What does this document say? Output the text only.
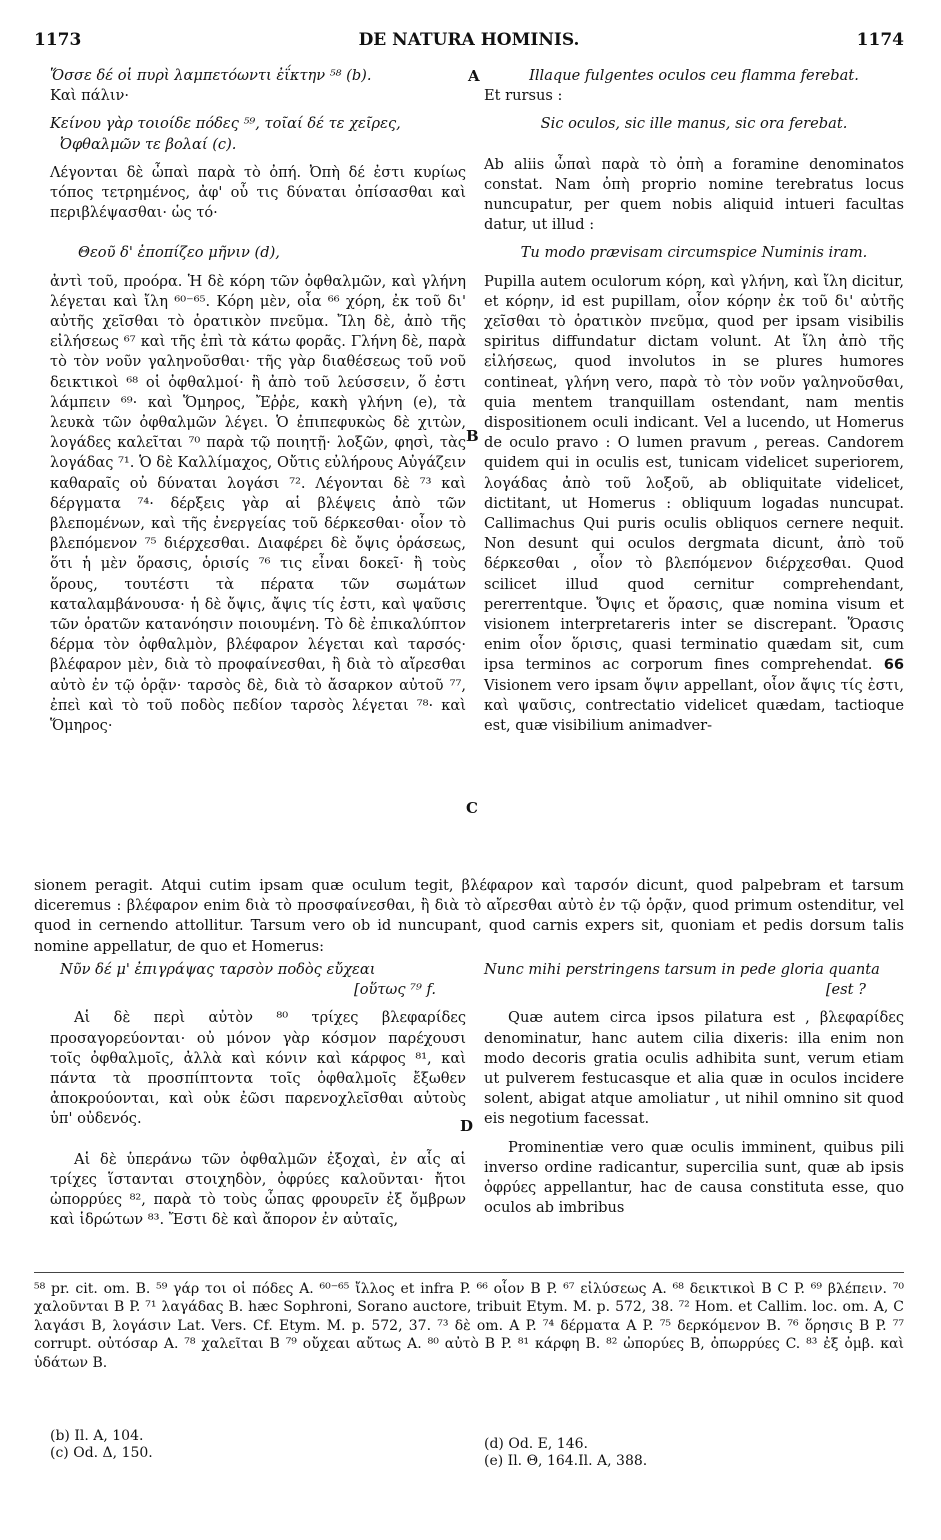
1173	DE NATURA HOMINIS.	1174
A
B
C
D

Ὅσσε δέ οἱ πυρὶ λαμπετόωντι ἐΐκτην ⁵⁸ (b).

Καὶ πάλιν·

Κείνου γὰρ τοιοίδε πόδες ⁵⁹, τοῖαί δέ τε χεῖρες,

Ὀφθαλμῶν τε βολαί (c).

Λέγονται δὲ ὦπαὶ παρὰ τὸ ὀπή. Ὀπὴ δέ ἐστι κυρίως τόπος τετρημένος, ἀφ' οὗ τις δύναται ὀπίσασθαι καὶ περιβλέψασθαι· ὡς τό·

Θεοῦ δ' ἐποπίζεο μῆνιν (d),

ἀντὶ τοῦ, προόρα. Ἡ δὲ κόρη τῶν ὀφθαλμῶν, καὶ γλήνη λέγεται καὶ ἴλη ⁶⁰⁻⁶⁵. Κόρη μὲν, οἷα ⁶⁶ χόρη, ἐκ τοῦ δι' αὐτῆς χεῖσθαι τὸ ὁρατικὸν πνεῦμα. Ἴλη δὲ, ἀπὸ τῆς εἰλήσεως ⁶⁷ καὶ τῆς ἐπὶ τὰ κάτω φορᾶς. Γλήνη δὲ, παρὰ τὸ τὸν νοῦν γαληνοῦσθαι· τῆς γὰρ διαθέσεως τοῦ νοῦ δεικτικοὶ ⁶⁸ οἱ ὀφθαλμοί· ἢ ἀπὸ τοῦ λεύσσειν, ὅ ἐστι λάμπειν ⁶⁹· καὶ Ὅμηρος, Ἔῤῥε, κακὴ γλήνη (e), τὰ λευκὰ τῶν ὀφθαλμῶν λέγει. Ὁ ἐπιπεφυκὼς δὲ χιτὼν, λογάδες καλεῖται ⁷⁰ παρὰ τῷ ποιητῇ· λοξῶν, φησὶ, τὰς λογάδας ⁷¹. Ὁ δὲ Καλλίμαχος, Οὔτις εὐλήρους Αὐγάζειν καθαραῖς οὐ δύναται λογάσι ⁷². Λέγονται δὲ ⁷³ καὶ δέργματα ⁷⁴· δέρξεις γὰρ αἱ βλέψεις ἀπὸ τῶν βλεπομένων, καὶ τῆς ἐνεργείας τοῦ δέρκεσθαι· οἷον τὸ βλεπόμενον ⁷⁵ διέρχεσθαι. Διαφέρει δὲ ὄψις ὁράσεως, ὅτι ἡ μὲν ὅρασις, ὁρισίς ⁷⁶ τις εἶναι δοκεῖ· ἢ τοὺς ὅρους, τουτέστι τὰ πέρατα τῶν σωμάτων καταλαμβάνουσα· ἡ δὲ ὄψις, ἄψις τίς ἐστι, καὶ ψαῦσις τῶν ὁρατῶν κατανόησιν ποιουμένη. Τὸ δὲ ἐπικαλύπτον δέρμα τὸν ὀφθαλμὸν, βλέφαρον λέγεται καὶ ταρσός· βλέφαρον μὲν, διὰ τὸ προφαίνεσθαι, ἢ διὰ τὸ αἴρεσθαι αὐτὸ ἐν τῷ ὁρᾷν· ταρσὸς δὲ, διὰ τὸ ἄσαρκον αὐτοῦ ⁷⁷, ἐπεὶ καὶ τὸ τοῦ ποδὸς πεδίον ταρσὸς λέγεται ⁷⁸· καὶ Ὅμηρος·

Illaque fulgentes oculos ceu flamma ferebat.

Et rursus :

Sic oculos, sic ille manus, sic ora ferebat.

Ab aliis ὦπαὶ παρὰ τὸ ὀπὴ a foramine denominatos constat. Nam ὀπὴ proprio nomine terebratus locus nuncupatur, per quem nobis aliquid intueri facultas datur, ut illud :

Tu modo prævisam circumspice Numinis iram.

Pupilla autem oculorum κόρη, καὶ γλήνη, καὶ ἴλη dicitur, et κόρην, id est pupillam, οἷον κόρην ἐκ τοῦ δι' αὐτῆς χεῖσθαι τὸ ὁρατικὸν πνεῦμα, quod per ipsam visibilis spiritus diffundatur dictam volunt. At ἴλη ἀπὸ τῆς εἰλήσεως, quod involutos in se plures humores contineat, γλήνη vero, παρὰ τὸ τὸν νοῦν γαληνοῦσθαι, quia mentem tranquillam ostendant, nam mentis dispositionem oculi indicant. Vel a lucendo, ut Homerus de oculo pravo : O lumen pravum , pereas. Candorem quidem qui in oculis est, tunicam videlicet superiorem, λογάδας ἀπὸ τοῦ λοξοῦ, ab obliquitate videlicet, dictitant, ut Homerus : obliquum logadas nuncupat. Callimachus Qui puris oculis obliquos cernere nequit. Non desunt qui oculos dergmata dicunt, ἀπὸ τοῦ δέρκεσθαι , οἷον τὸ βλεπόμενον διέρχεσθαι. Quod scilicet illud quod cernitur comprehendant, pererrentque. Ὄψις et ὅρασις, quæ nomina visum et visionem interpretareris inter se discrepant. Ὅρασις enim οἷον ὅρισις, quasi terminatio quædam sit, cum ipsa terminos ac corporum fines comprehendat. 66 Visionem vero ipsam ὄψιν appellant, οἷον ἄψις τίς ἐστι, καὶ ψαῦσις, contrectatio videlicet quædam, tactioque est, quæ visibilium animadver-

sionem peragit. Atqui cutim ipsam quæ oculum tegit, βλέφαρον καὶ ταρσόν dicunt, quod palpebram et tarsum diceremus : βλέφαρον enim διὰ τὸ προσφαίνεσθαι, ἢ διὰ τὸ αἴρεσθαι αὐτὸ ἐν τῷ ὁρᾷν, quod primum ostenditur, vel quod in cernendo attollitur. Tarsum vero ob id nuncupant, quod carnis expers sit, quoniam et pedis dorsum talis nomine appellatur, de quo et Homerus:

Νῦν δέ μ' ἐπιγράψας ταρσὸν ποδὸς εὔχεαι

[οὕτως ⁷⁹ f.

Αἱ δὲ περὶ αὐτὸν ⁸⁰ τρίχες βλεφαρίδες προσαγορεύονται· οὐ μόνον γὰρ κόσμον παρέχουσι τοῖς ὀφθαλμοῖς, ἀλλὰ καὶ κόνιν καὶ κάρφος ⁸¹, καὶ πάντα τὰ προσπίπτοντα τοῖς ὀφθαλμοῖς ἔξωθεν ἀποκρούονται, καὶ οὐκ ἐῶσι παρενοχλεῖσθαι αὐτοὺς ὑπ' οὐδενός.

Αἱ δὲ ὑπεράνω τῶν ὀφθαλμῶν ἐξοχαὶ, ἐν αἷς αἱ τρίχες ἵστανται στοιχηδὸν, ὀφρύες καλοῦνται· ἤτοι ὠπορρύες ⁸², παρὰ τὸ τοὺς ὦπας φρουρεῖν ἐξ ὄμβρων καὶ ἱδρώτων ⁸³. Ἔστι δὲ καὶ ἄπορον ἐν αὐταῖς,

Nunc mihi perstringens tarsum in pede gloria quanta

[est ?

Quæ autem circa ipsos pilatura est , βλεφαρίδες denominatur, hanc autem cilia dixeris: illa enim non modo decoris gratia oculis adhibita sunt, verum etiam ut pulverem festucasque et alia quæ in oculos incidere solent, abigat atque amoliatur , ut nihil omnino sit quod eis negotium facessat.

Prominentiæ vero quæ oculis imminent, quibus pili inverso ordine radicantur, supercilia sunt, quæ ab ipsis ὀφρύες appellantur, hac de causa constituta esse, quo oculos ab imbribus

⁵⁸ pr. cit. om. B. ⁵⁹ γάρ τοι οἱ πόδες A. ⁶⁰⁻⁶⁵ ἴλλος et infra P. ⁶⁶ οἷον B P. ⁶⁷ εἰλύσεως A. ⁶⁸ δεικτικοὶ B C P. ⁶⁹ βλέπειν. ⁷⁰ χαλοῦνται B P. ⁷¹ λαγάδας B. hæc Sophroni, Sorano auctore, tribuit Etym. M. p. 572, 38. ⁷² Hom. et Callim. loc. om. A, C λαγάσι B, λογάσιν Lat. Vers. Cf. Etym. M. p. 572, 37. ⁷³ δὲ om. A P. ⁷⁴ δέρματα A P. ⁷⁵ δερκόμενον B. ⁷⁶ ὅρησις B P. ⁷⁷ corrupt. οὐτόσαρ A. ⁷⁸ χαλεῖται B ⁷⁹ οὔχεαι αὔτως A. ⁸⁰ αὐτὸ B P. ⁸¹ κάρφη B. ⁸² ὠπορύες B, ὀπωρρύες C. ⁸³ ἐξ ὀμβ. καὶ ὑδάτων B.

(b) Il. A, 104.

(c) Od. Δ, 150.

(d) Od. E, 146.

(e) Il. Θ, 164.Il. A, 388.
